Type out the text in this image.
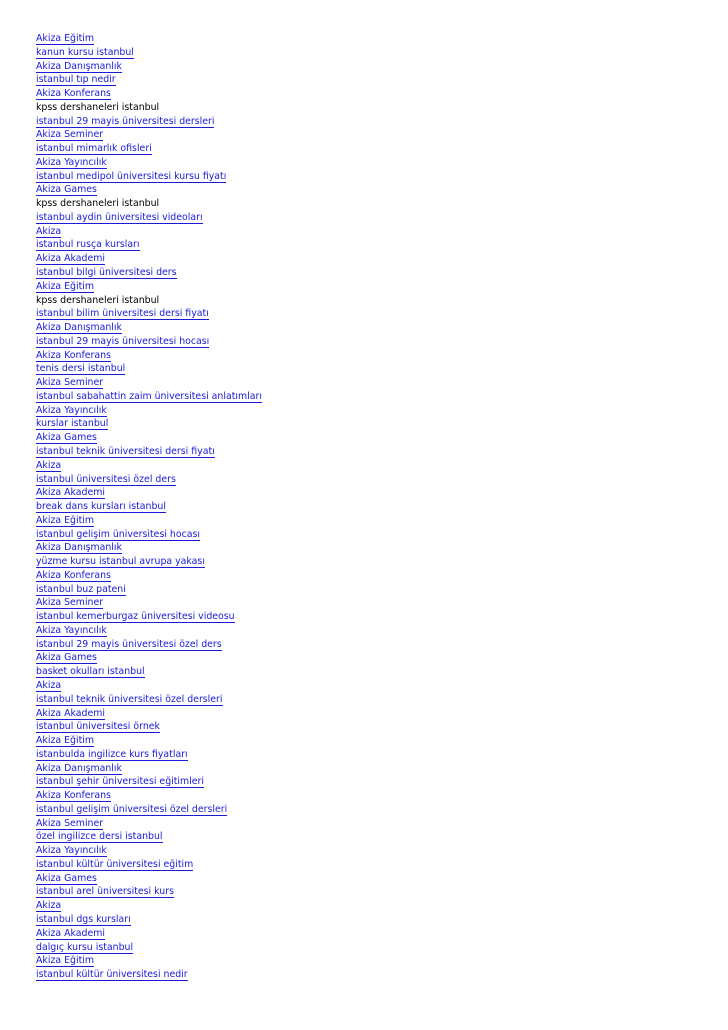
Akiza Eğitim
kanun kursu istanbul
Akiza Danışmanlık
istanbul tıp nedir
Akiza Konferans
kpss dershaneleri istanbul
istanbul 29 mayis üniversitesi dersleri
Akiza Seminer
istanbul mimarlık ofisleri
Akiza Yayıncılık
istanbul medipol üniversitesi kursu fiyatı
Akiza Games
kpss dershaneleri istanbul
istanbul aydin üniversitesi videoları
Akiza
istanbul rusça kursları
Akiza Akademi
istanbul bilgi üniversitesi ders
Akiza Eğitim
kpss dershaneleri istanbul
istanbul bilim üniversitesi dersi fiyatı
Akiza Danışmanlık
istanbul 29 mayis üniversitesi hocası
Akiza Konferans
tenis dersi istanbul
Akiza Seminer
istanbul sabahattin zaim üniversitesi anlatımları
Akiza Yayıncılık
kurslar istanbul
Akiza Games
istanbul teknik üniversitesi dersi fiyatı
Akiza
istanbul üniversitesi özel ders
Akiza Akademi
break dans kursları istanbul
Akiza Eğitim
istanbul gelişim üniversitesi hocası
Akiza Danışmanlık
yüzme kursu istanbul avrupa yakası
Akiza Konferans
istanbul buz pateni
Akiza Seminer
istanbul kemerburgaz üniversitesi videosu
Akiza Yayıncılık
istanbul 29 mayis üniversitesi özel ders
Akiza Games
basket okulları istanbul
Akiza
istanbul teknik üniversitesi özel dersleri
Akiza Akademi
istanbul üniversitesi örnek
Akiza Eğitim
istanbulda ingilizce kurs fiyatları
Akiza Danışmanlık
istanbul şehir üniversitesi eğitimleri
Akiza Konferans
istanbul gelişim üniversitesi özel dersleri
Akiza Seminer
özel ingilizce dersi istanbul
Akiza Yayıncılık
istanbul kültür üniversitesi eğitim
Akiza Games
istanbul arel üniversitesi kurs
Akiza
istanbul dgs kursları
Akiza Akademi
dalgıç kursu istanbul
Akiza Eğitim
istanbul kültür üniversitesi nedir
